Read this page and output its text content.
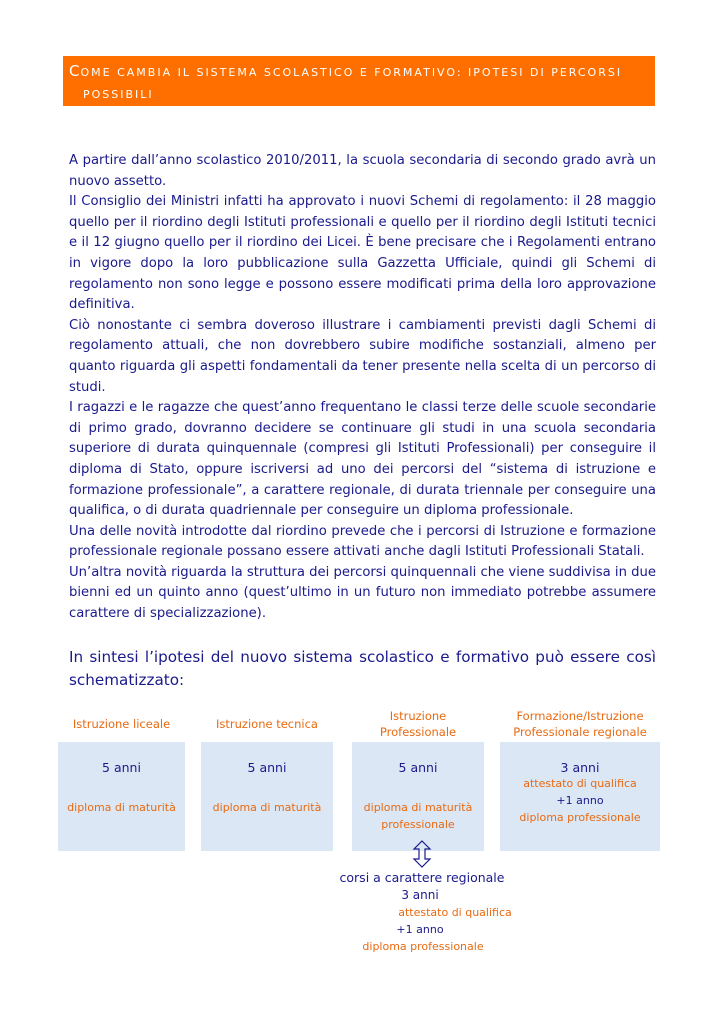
COME CAMBIA IL SISTEMA SCOLASTICO E FORMATIVO: IPOTESI DI PERCORSI
POSSIBILI

A partire dall’anno scolastico 2010/2011, la scuola secondaria di secondo grado avrà un nuovo assetto.

Il Consiglio dei Ministri infatti ha approvato i nuovi Schemi di regolamento: il 28 maggio quello per il riordino degli Istituti professionali e quello per il riordino degli Istituti tecnici e il 12 giugno quello per il riordino dei Licei. È bene precisare che i Regolamenti entrano in vigore dopo la loro pubblicazione sulla Gazzetta Ufficiale, quindi gli Schemi di regolamento non sono legge e possono essere modificati prima della loro approvazione definitiva.

Ciò nonostante ci sembra doveroso illustrare i cambiamenti previsti dagli Schemi di regolamento attuali, che non dovrebbero subire modifiche sostanziali, almeno per quanto riguarda gli aspetti fondamentali da tener presente nella scelta di un percorso di studi.

I ragazzi e le ragazze che quest’anno frequentano le classi terze delle scuole secondarie di primo grado, dovranno decidere se continuare gli studi in una scuola secondaria superiore di durata quinquennale (compresi gli Istituti Professionali) per conseguire il diploma di Stato, oppure iscriversi ad uno dei percorsi del “sistema di istruzione e formazione professionale”, a carattere regionale, di durata triennale per conseguire una qualifica, o di durata quadriennale per conseguire un diploma professionale.

Una delle novità introdotte dal riordino prevede che i percorsi di Istruzione e formazione professionale regionale possano essere attivati anche dagli Istituti Professionali Statali.

Un’altra novità riguarda la struttura dei percorsi quinquennali che viene suddivisa in due bienni ed un quinto anno (quest’ultimo in un futuro non immediato potrebbe assumere carattere di specializzazione).

In sintesi l’ipotesi del nuovo sistema scolastico e formativo può essere così
schematizzato:
Istruzione liceale	Istruzione tecnica
Istruzione
Professionale
Formazione/Istruzione
Professionale regionale
5 anni
diploma di maturità
5 anni
diploma di maturità
5 anni
diploma di maturità
professionale
3 anni
attestato di qualifica
+1 anno
diploma professionale
corsi a carattere regionale
3 anni
attestato di qualifica
+1 anno
diploma professionale
